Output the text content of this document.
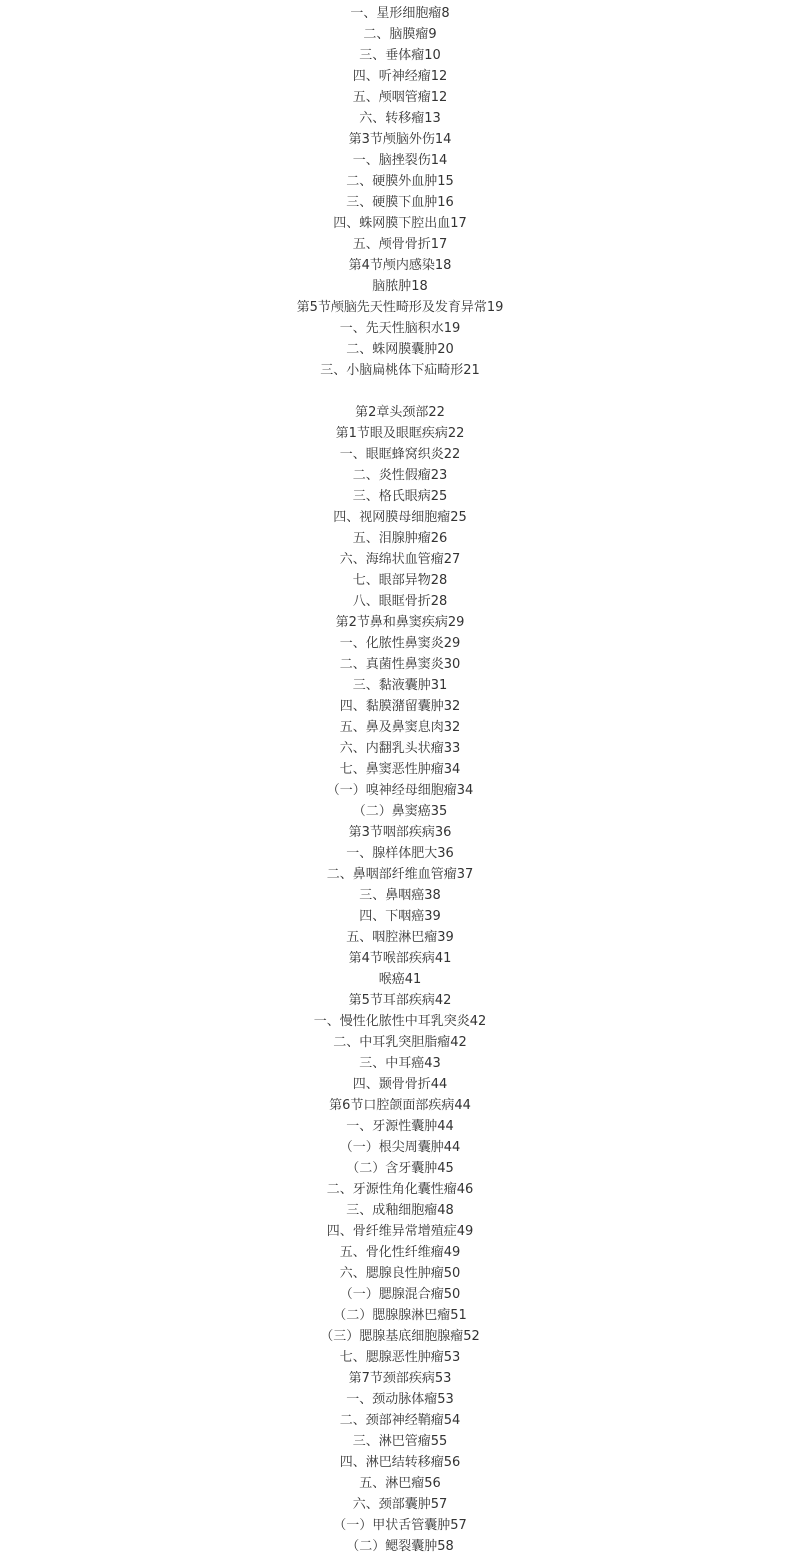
一、星形细胞瘤8
二、脑膜瘤9
三、垂体瘤10
四、听神经瘤12
五、颅咽管瘤12
六、转移瘤13
第3节颅脑外伤14
一、脑挫裂伤14
二、硬膜外血肿15
三、硬膜下血肿16
四、蛛网膜下腔出血17
五、颅骨骨折17
第4节颅内感染18
脑脓肿18
第5节颅脑先天性畸形及发育异常19
一、先天性脑积水19
二、蛛网膜囊肿20
三、小脑扁桃体下疝畸形21
第2章头颈部22
第1节眼及眼眶疾病22
一、眼眶蜂窝织炎22
二、炎性假瘤23
三、格氏眼病25
四、视网膜母细胞瘤25
五、泪腺肿瘤26
六、海绵状血管瘤27
七、眼部异物28
八、眼眶骨折28
第2节鼻和鼻窦疾病29
一、化脓性鼻窦炎29
二、真菌性鼻窦炎30
三、黏液囊肿31
四、黏膜潴留囊肿32
五、鼻及鼻窦息肉32
六、内翻乳头状瘤33
七、鼻窦恶性肿瘤34
（一）嗅神经母细胞瘤34
（二）鼻窦癌35
第3节咽部疾病36
一、腺样体肥大36
二、鼻咽部纤维血管瘤37
三、鼻咽癌38
四、下咽癌39
五、咽腔淋巴瘤39
第4节喉部疾病41
喉癌41
第5节耳部疾病42
一、慢性化脓性中耳乳突炎42
二、中耳乳突胆脂瘤42
三、中耳癌43
四、颞骨骨折44
第6节口腔颌面部疾病44
一、牙源性囊肿44
（一）根尖周囊肿44
（二）含牙囊肿45
二、牙源性角化囊性瘤46
三、成釉细胞瘤48
四、骨纤维异常增殖症49
五、骨化性纤维瘤49
六、腮腺良性肿瘤50
（一）腮腺混合瘤50
（二）腮腺腺淋巴瘤51
（三）腮腺基底细胞腺瘤52
七、腮腺恶性肿瘤53
第7节颈部疾病53
一、颈动脉体瘤53
二、颈部神经鞘瘤54
三、淋巴管瘤55
四、淋巴结转移瘤56
五、淋巴瘤56
六、颈部囊肿57
（一）甲状舌管囊肿57
（二）鳃裂囊肿58
